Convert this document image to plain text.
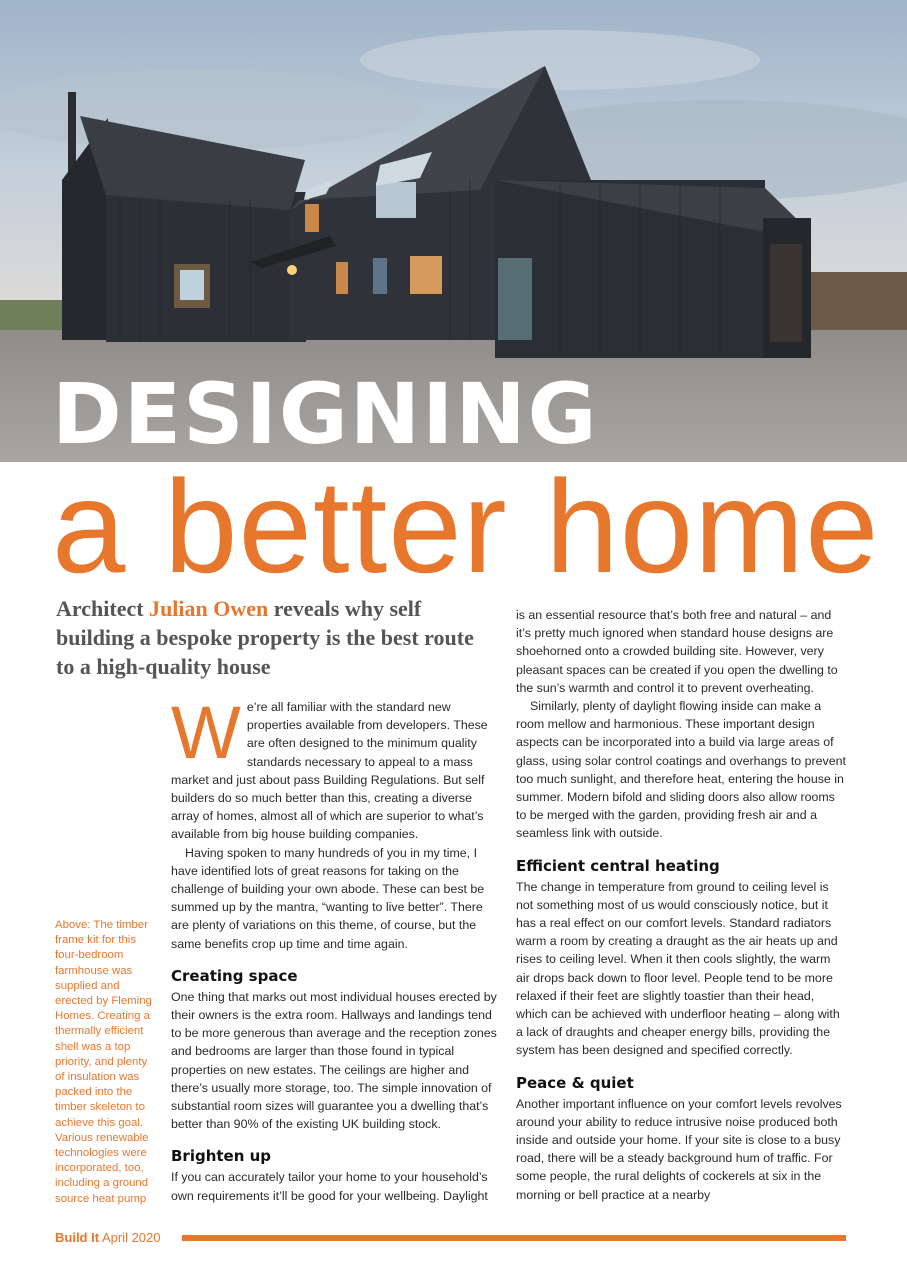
DESIGNING
a better home
Architect Julian Owen reveals why self building a bespoke property is the best route to a high-quality house

We’re all familiar with the standard new properties available from developers. These are often designed to the minimum quality standards necessary to appeal to a mass market and just about pass Building Regulations. But self builders do so much better than this, creating a diverse array of homes, almost all of which are superior to what’s available from big house building companies.

Having spoken to many hundreds of you in my time, I have identified lots of great reasons for taking on the challenge of building your own abode. These can best be summed up by the mantra, “wanting to live better”. There are plenty of variations on this theme, of course, but the same benefits crop up time and time again.

Creating space

One thing that marks out most individual houses erected by their owners is the extra room. Hallways and landings tend to be more generous than average and the reception zones and bedrooms are larger than those found in typical properties on new estates. The ceilings are higher and there’s usually more storage, too. The simple innovation of substantial room sizes will guarantee you a dwelling that’s better than 90% of the existing UK building stock.

Brighten up

If you can accurately tailor your home to your household’s own requirements it’ll be good for your wellbeing. Daylight

is an essential resource that’s both free and natural – and it’s pretty much ignored when standard house designs are shoehorned onto a crowded building site. However, very pleasant spaces can be created if you open the dwelling to the sun’s warmth and control it to prevent overheating.

Similarly, plenty of daylight flowing inside can make a room mellow and harmonious. These important design aspects can be incorporated into a build via large areas of glass, using solar control coatings and overhangs to prevent too much sunlight, and therefore heat, entering the house in summer. Modern bifold and sliding doors also allow rooms to be merged with the garden, providing fresh air and a seamless link with outside.

Efficient central heating

The change in temperature from ground to ceiling level is not something most of us would consciously notice, but it has a real effect on our comfort levels. Standard radiators warm a room by creating a draught as the air heats up and rises to ceiling level. When it then cools slightly, the warm air drops back down to floor level. People tend to be more relaxed if their feet are slightly toastier than their head, which can be achieved with underfloor heating – along with a lack of draughts and cheaper energy bills, providing the system has been designed and specified correctly.

Peace & quiet

Another important influence on your comfort levels revolves around your ability to reduce intrusive noise produced both inside and outside your home. If your site is close to a busy road, there will be a steady background hum of traffic. For some people, the rural delights of cockerels at six in the morning or bell practice at a nearby

Above: The timber frame kit for this four-bedroom farmhouse was supplied and erected by Fleming Homes. Creating a thermally efficient shell was a top priority, and plenty of insulation was packed into the timber skeleton to achieve this goal. Various renewable technologies were incorporated, too, including a ground source heat pump
Build It April 2020
